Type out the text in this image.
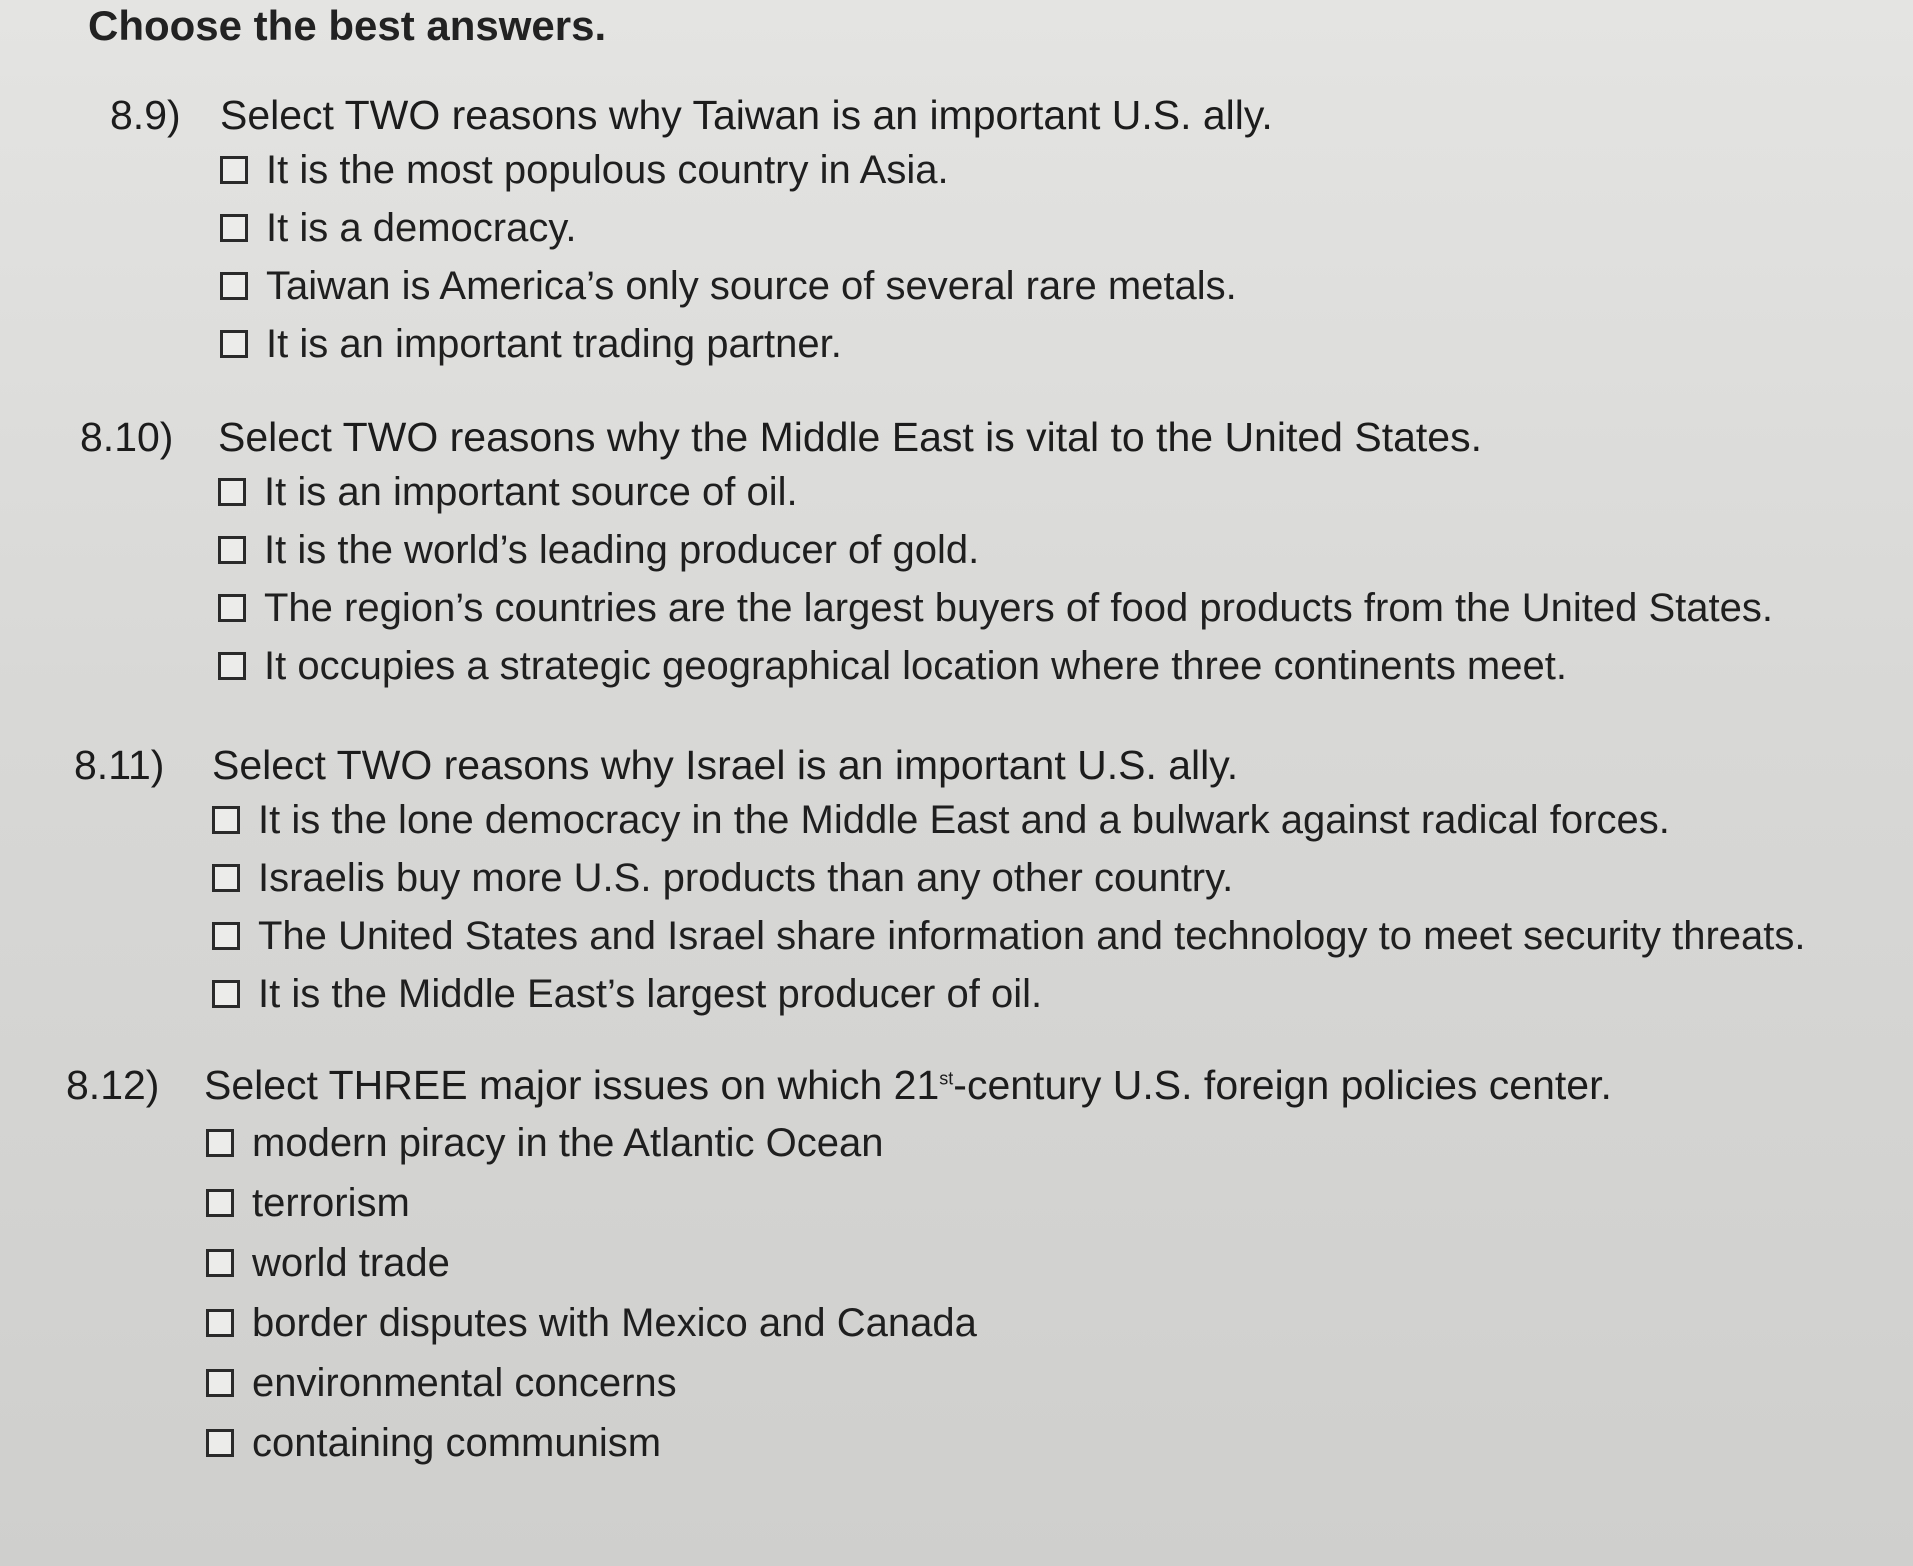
Choose the best answers.
8.9) Select TWO reasons why Taiwan is an important U.S. ally.
It is the most populous country in Asia.
It is a democracy.
Taiwan is America’s only source of several rare metals.
It is an important trading partner.
8.10)	Select TWO reasons why the Middle East is vital to the United States.
It is an important source of oil.
It is the world’s leading producer of gold.
The region’s countries are the largest buyers of food products from the United States.
It occupies a strategic geographical location where three continents meet.
8.11)	Select TWO reasons why Israel is an important U.S. ally.
It is the lone democracy in the Middle East and a bulwark against radical forces.
Israelis buy more U.S. products than any other country.
The United States and Israel share information and technology to meet security threats.
It is the Middle East’s largest producer of oil.
8.12)	Select THREE major issues on which 21st-century U.S. foreign policies center.
modern piracy in the Atlantic Ocean
terrorism
world trade
border disputes with Mexico and Canada
environmental concerns
containing communism
